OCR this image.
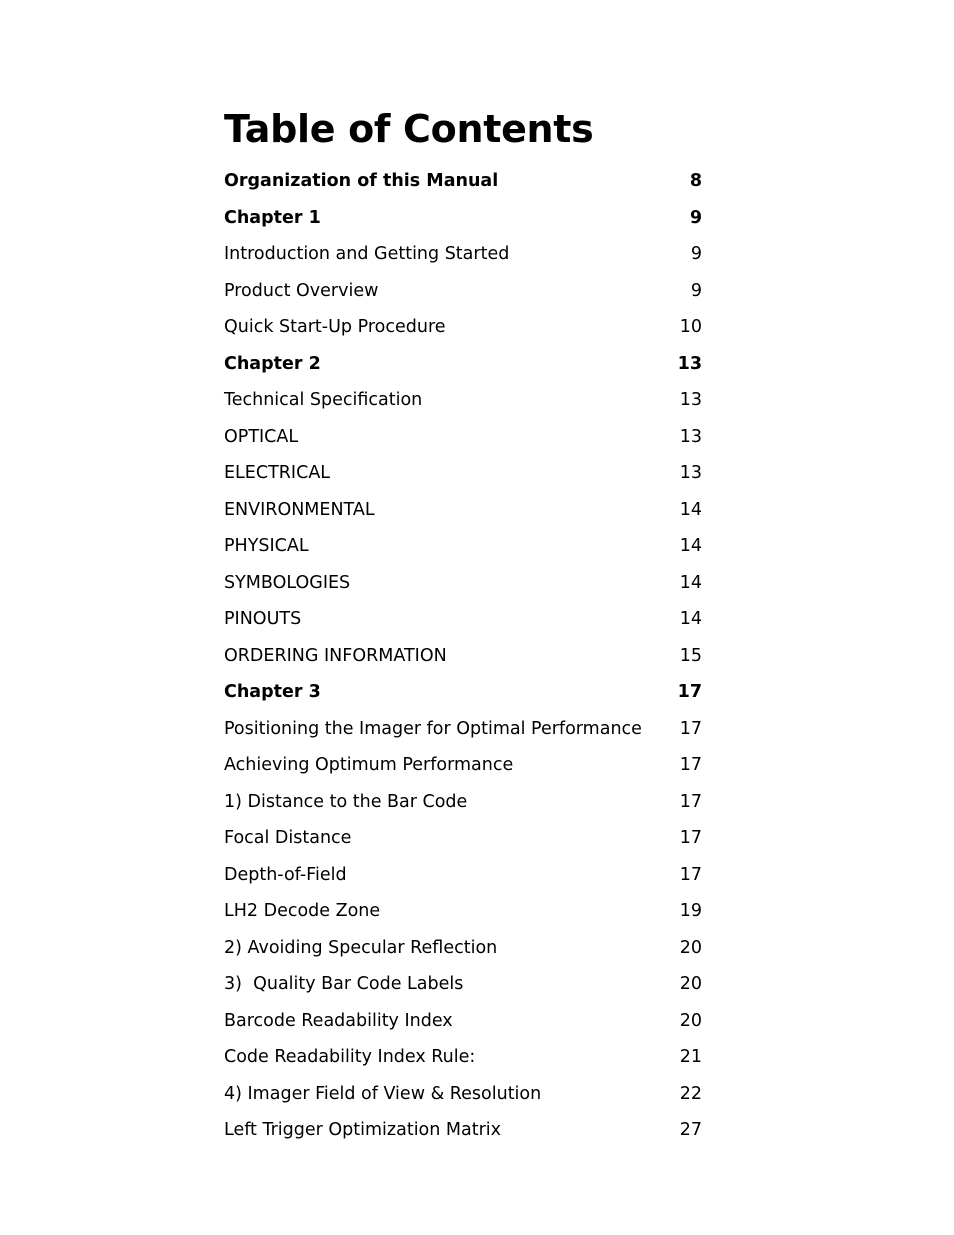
Table of Contents
Organization of this Manual	8
Chapter 1	9
Introduction and Getting Started	9
Product Overview	9
Quick Start-Up Procedure	10
Chapter 2	13
Technical Specification	13
OPTICAL	13
ELECTRICAL	13
ENVIRONMENTAL	14
PHYSICAL	14
SYMBOLOGIES	14
PINOUTS	14
ORDERING INFORMATION	15
Chapter 3	17
Positioning the Imager for Optimal Performance 17
Achieving Optimum Performance	17
1) Distance to the Bar Code	17
Focal Distance	17
Depth-of-Field	17
LH2 Decode Zone	19
2) Avoiding Specular Reflection	20
3)  Quality Bar Code Labels	20
Barcode Readability Index	20
Code Readability Index Rule:	21
4) Imager Field of View & Resolution	22
Left Trigger Optimization Matrix	27
